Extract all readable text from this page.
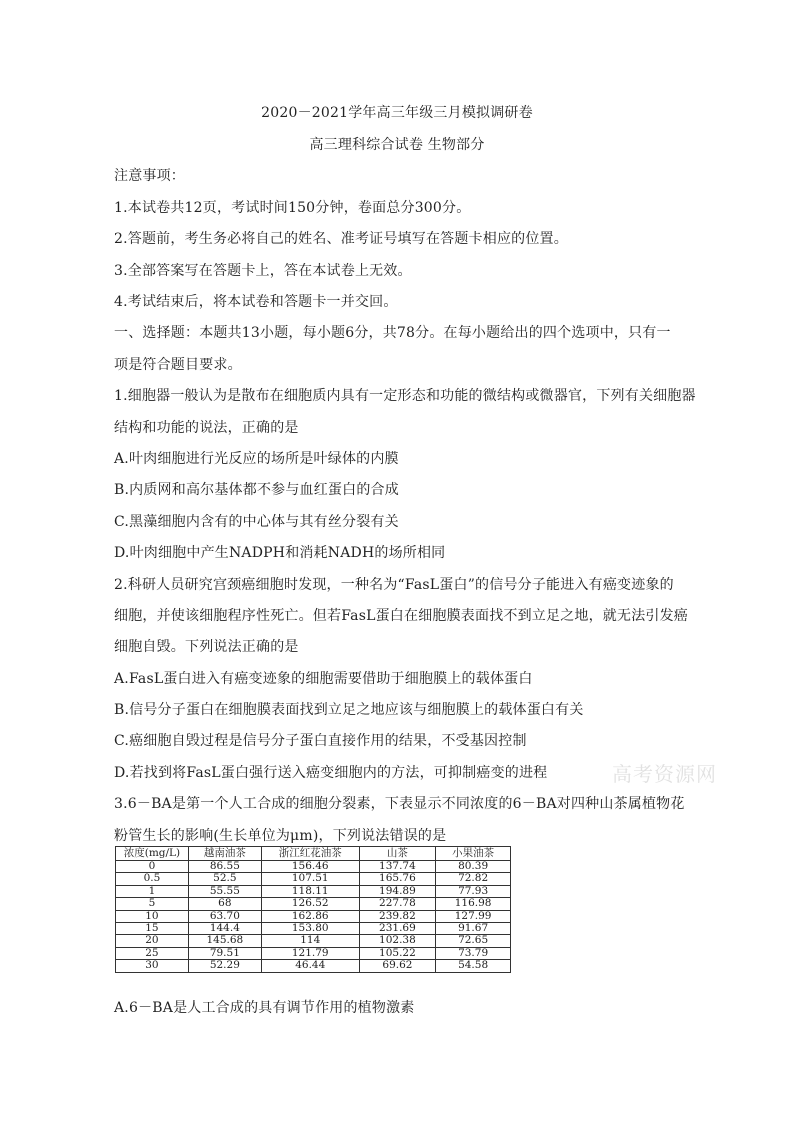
2020－2021学年高三年级三月模拟调研卷
高三理科综合试卷 生物部分
注意事项：
1.本试卷共12页，考试时间150分钟，卷面总分300分。
2.答题前，考生务必将自己的姓名、准考证号填写在答题卡相应的位置。
3.全部答案写在答题卡上，答在本试卷上无效。
4.考试结束后，将本试卷和答题卡一并交回。
一、选择题：本题共13小题，每小题6分，共78分。在每小题给出的四个选项中，只有一
项是符合题目要求。
1.细胞器一般认为是散布在细胞质内具有一定形态和功能的微结构或微器官，下列有关细胞器
结构和功能的说法，正确的是
A.叶肉细胞进行光反应的场所是叶绿体的内膜
B.内质网和高尔基体都不参与血红蛋白的合成
C.黑藻细胞内含有的中心体与其有丝分裂有关
D.叶肉细胞中产生NADPH和消耗NADH的场所相同
2.科研人员研究宫颈癌细胞时发现，一种名为“FasL蛋白”的信号分子能进入有癌变迹象的
细胞，并使该细胞程序性死亡。但若FasL蛋白在细胞膜表面找不到立足之地，就无法引发癌
细胞自毁。下列说法正确的是
A.FasL蛋白进入有癌变迹象的细胞需要借助于细胞膜上的载体蛋白
B.信号分子蛋白在细胞膜表面找到立足之地应该与细胞膜上的载体蛋白有关
C.癌细胞自毁过程是信号分子蛋白直接作用的结果，不受基因控制
D.若找到将FasL蛋白强行送入癌变细胞内的方法，可抑制癌变的进程	高考资源网
3.6－BA是第一个人工合成的细胞分裂素，下表显示不同浓度的6－BA对四种山茶属植物花
粉管生长的影响(生长单位为μm)，下列说法错误的是
浓度(mg/L)	越南油茶	浙江红花油茶	山茶	小果油茶
0	86.55	156.46	137.74	80.39
0.5	52.5	107.51	165.76	72.82
1	55.55	118.11	194.89	77.93
5	68	126.52	227.78	116.98
10	63.70	162.86	239.82	127.99
15	144.4	153.80	231.69	91.67
20	145.68	114	102.38	72.65
25	79.51	121.79	105.22	73.79
30	52.29	46.44	69.62	54.58
A.6－BA是人工合成的具有调节作用的植物激素
